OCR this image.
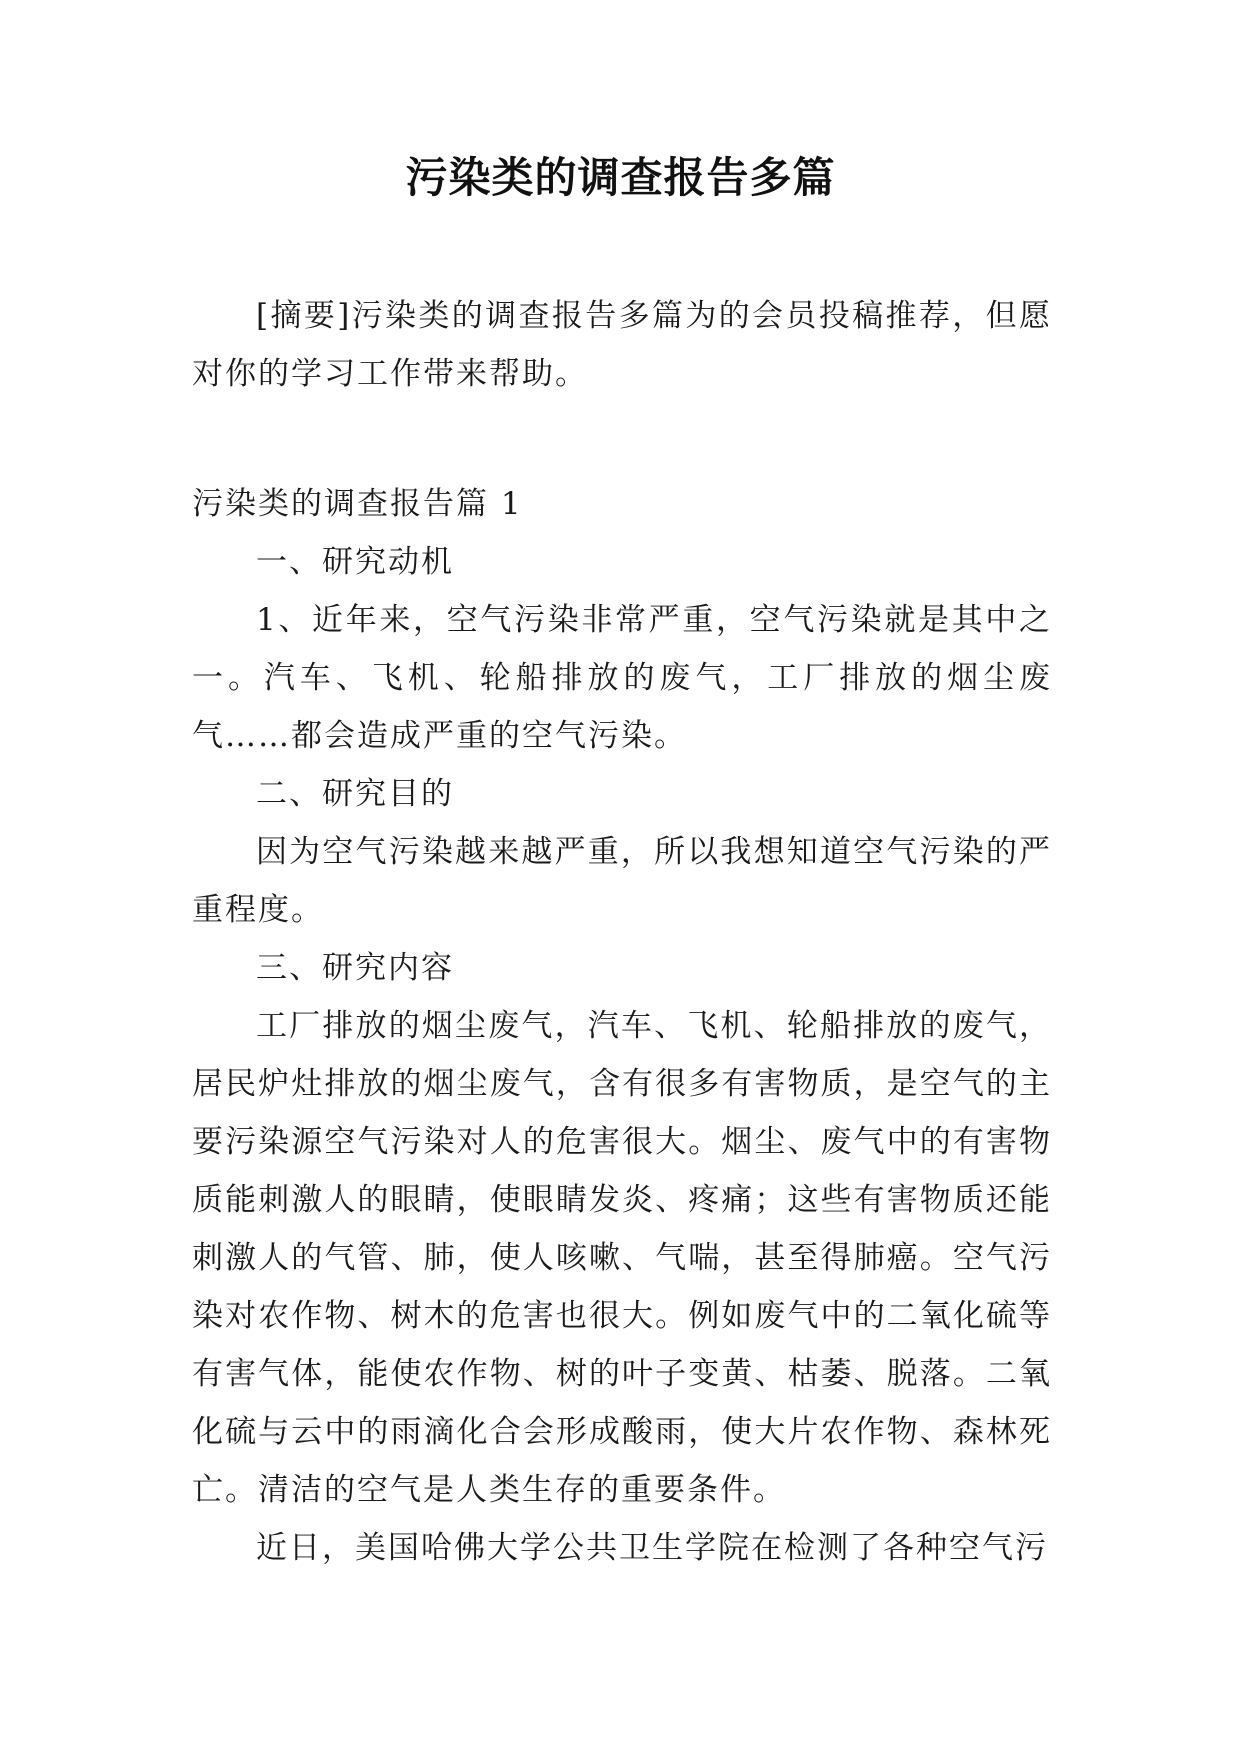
污染类的调查报告多篇

[摘要]污染类的调查报告多篇为的会员投稿推荐，但愿对你的学习工作带来帮助。

污染类的调查报告篇 1

一、研究动机

1、近年来，空气污染非常严重，空气污染就是其中之一。汽车、飞机、轮船排放的废气，工厂排放的烟尘废气……都会造成严重的空气污染。

二、研究目的

因为空气污染越来越严重，所以我想知道空气污染的严重程度。

三、研究内容

工厂排放的烟尘废气，汽车、飞机、轮船排放的废气，居民炉灶排放的烟尘废气，含有很多有害物质，是空气的主要污染源空气污染对人的危害很大。烟尘、废气中的有害物质能刺激人的眼睛，使眼睛发炎、疼痛；这些有害物质还能刺激人的气管、肺，使人咳嗽、气喘，甚至得肺癌。空气污染对农作物、树木的危害也很大。例如废气中的二氧化硫等有害气体，能使农作物、树的叶子变黄、枯萎、脱落。二氧化硫与云中的雨滴化合会形成酸雨，使大片农作物、森林死亡。清洁的空气是人类生存的重要条件。

近日，美国哈佛大学公共卫生学院在检测了各种空气污
